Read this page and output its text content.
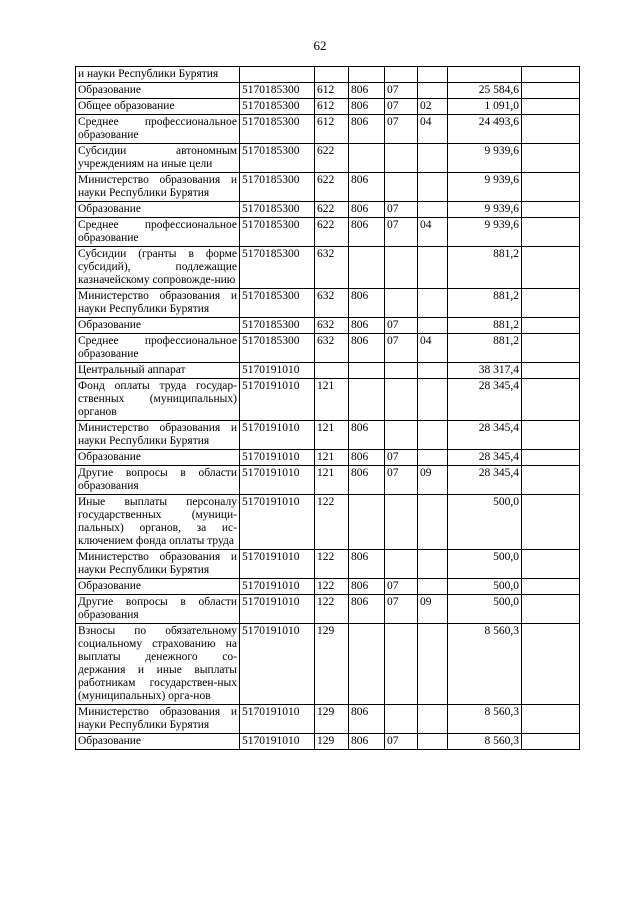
62
и науки Республики Бурятия							
Образование	5170185300	612	806	07		25 584,6	
Общее образование	5170185300	612	806	07	02	1 091,0	
Среднее профессиональное образование	5170185300	612	806	07	04	24 493,6	
Субсидии автономным учреждениям на иные цели	5170185300	622				9 939,6	
Министерство образования и науки Республики Бурятия	5170185300	622	806			9 939,6	
Образование	5170185300	622	806	07		9 939,6	
Среднее профессиональное образование	5170185300	622	806	07	04	9 939,6	
Субсидии (гранты в форме субсидий), подлежащие казначейскому сопровожде-нию	5170185300	632				881,2	
Министерство образования и науки Республики Бурятия	5170185300	632	806			881,2	
Образование	5170185300	632	806	07		881,2	
Среднее профессиональное образование	5170185300	632	806	07	04	881,2	
Центральный аппарат	5170191010					38 317,4	
Фонд оплаты труда государ-ственных (муниципальных) органов	5170191010	121				28 345,4	
Министерство образования и науки Республики Бурятия	5170191010	121	806			28 345,4	
Образование	5170191010	121	806	07		28 345,4	
Другие вопросы в области образования	5170191010	121	806	07	09	28 345,4	
Иные выплаты персоналу государственных (муници-пальных) органов, за ис-ключением фонда оплаты труда	5170191010	122				500,0	
Министерство образования и науки Республики Бурятия	5170191010	122	806			500,0	
Образование	5170191010	122	806	07		500,0	
Другие вопросы в области образования	5170191010	122	806	07	09	500,0	
Взносы по обязательному социальному страхованию на выплаты денежного со-держания и иные выплаты работникам государствен-ных (муниципальных) орга-нов	5170191010	129				8 560,3	
Министерство образования и науки Республики Бурятия	5170191010	129	806			8 560,3	
Образование	5170191010	129	806	07		8 560,3	
